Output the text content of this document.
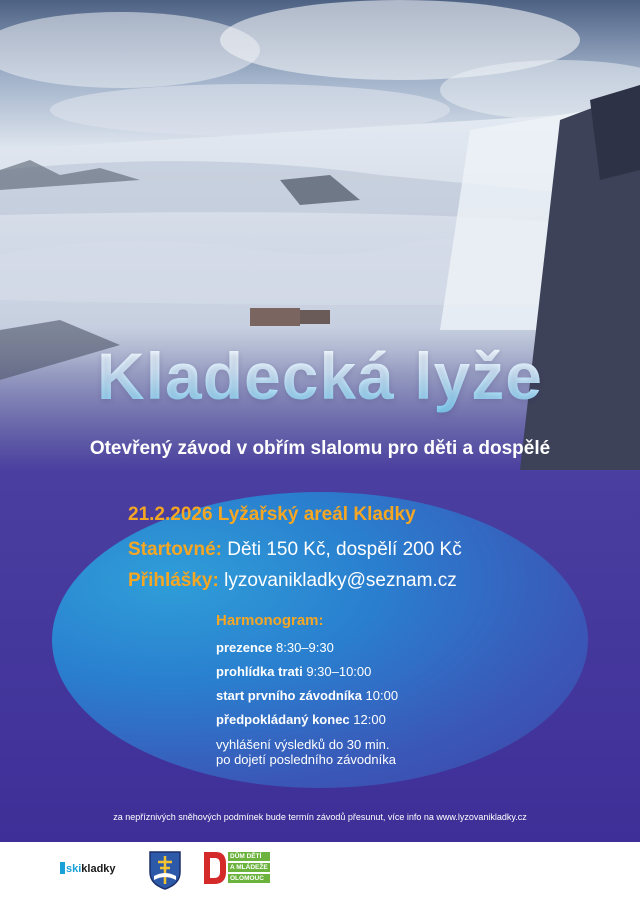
Kladecká lyže
Otevřený závod v obřím slalomu pro děti a dospělé
21.2.2026 Lyžařský areál Kladky
Startovné: Děti 150 Kč, dospělí 200 Kč
Přihlášky: lyzovanikladky@seznam.cz
Harmonogram:
prezence 8:30–9:30
prohlídka trati 9:30–10:00
start prvního závodníka 10:00
předpokládaný konec 12:00
vyhlášení výsledků do 30 min.
po dojetí posledního závodníka
za nepříznivých sněhových podmínek bude termín závodů přesunut, více info na www.lyzovanikladky.cz
skikladky
DŮM DĚTÍ
A MLÁDEŽE
OLOMOUC
